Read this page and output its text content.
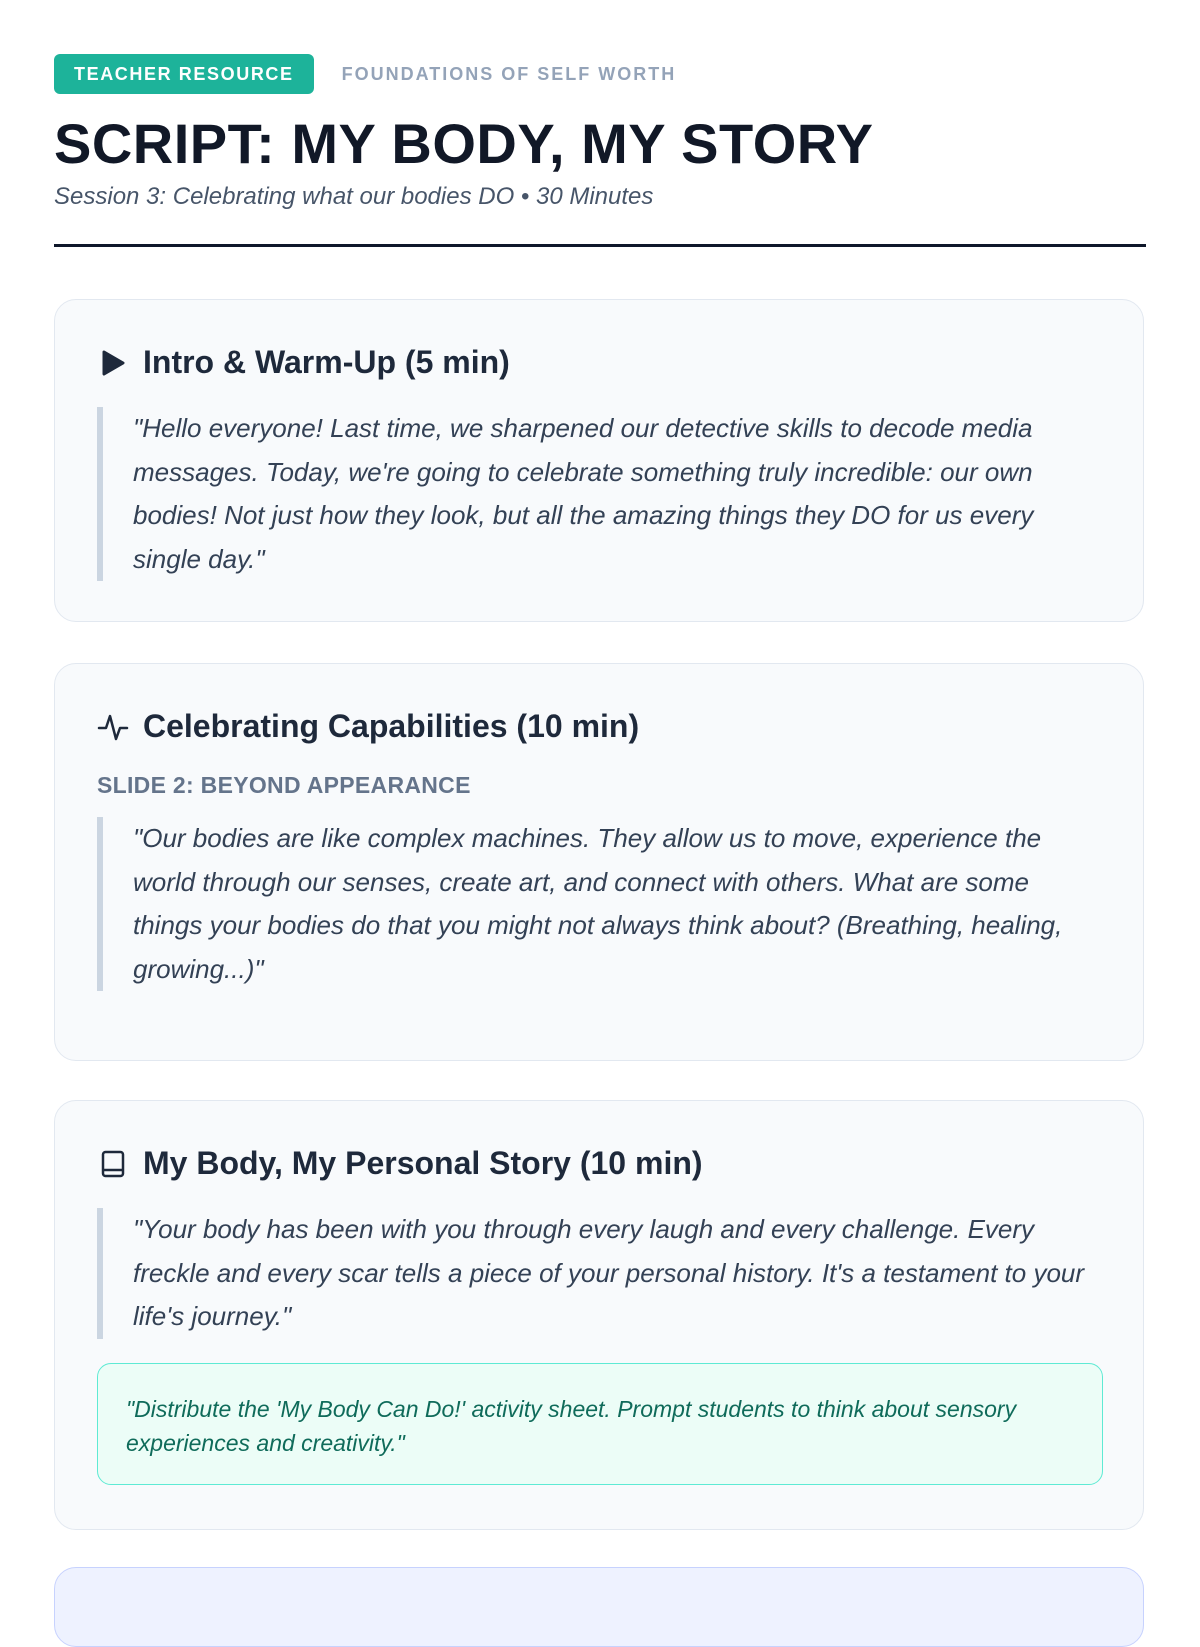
TEACHER RESOURCE	FOUNDATIONS OF SELF WORTH
SCRIPT: MY BODY, MY STORY
Session 3: Celebrating what our bodies DO • 30 Minutes
Intro & Warm-Up (5 min)
"Hello everyone! Last time, we sharpened our detective skills to decode media messages. Today, we're going to celebrate something truly incredible: our own bodies! Not just how they look, but all the amazing things they DO for us every single day."
Celebrating Capabilities (10 min)
SLIDE 2: BEYOND APPEARANCE
"Our bodies are like complex machines. They allow us to move, experience the world through our senses, create art, and connect with others. What are some things your bodies do that you might not always think about? (Breathing, healing, growing...)"
My Body, My Personal Story (10 min)
"Your body has been with you through every laugh and every challenge. Every freckle and every scar tells a piece of your personal history. It's a testament to your life's journey."
"Distribute the 'My Body Can Do!' activity sheet. Prompt students to think about sensory experiences and creativity."
